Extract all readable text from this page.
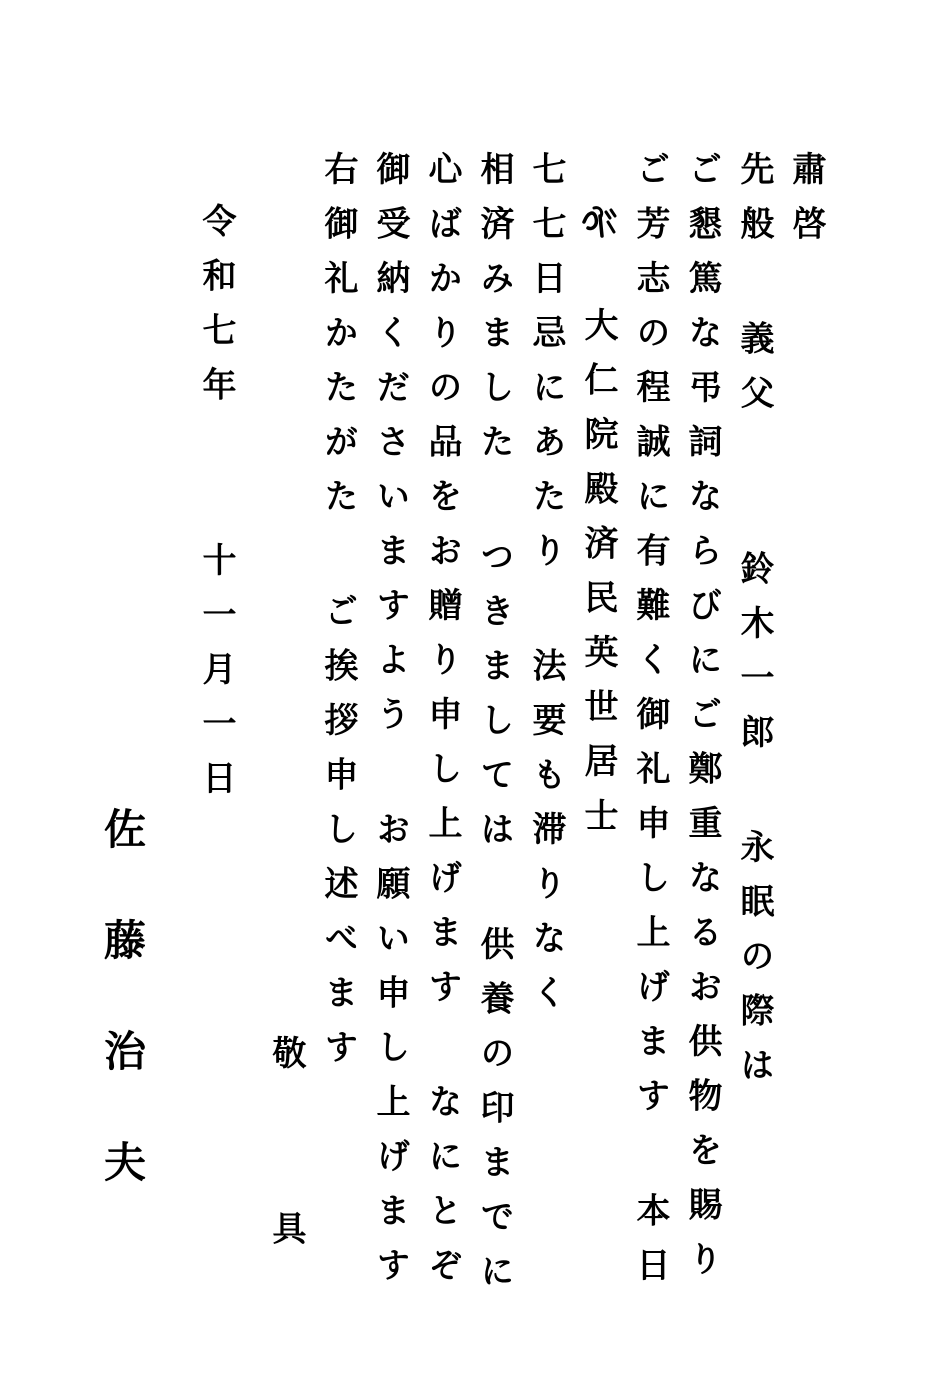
肅啓
先般 義父  鈴木一郎 永眠の際は
ご懇篤な弔詞ならびにご鄭重なるお供物を賜り
ご芳志の程誠に有難く御礼申し上げます 本日
大仁院殿済民英世居士
七七日忌にあたり 法要も滞りなく
相済みました つきましては 供養の印までに
心ばかりの品をお贈り申し上げます なにとぞ
御受納くださいますよう お願い申し上げます
右御礼かたがた ご挨拶申し述べます
敬  具
令和七年  十一月一日
佐藤治夫
